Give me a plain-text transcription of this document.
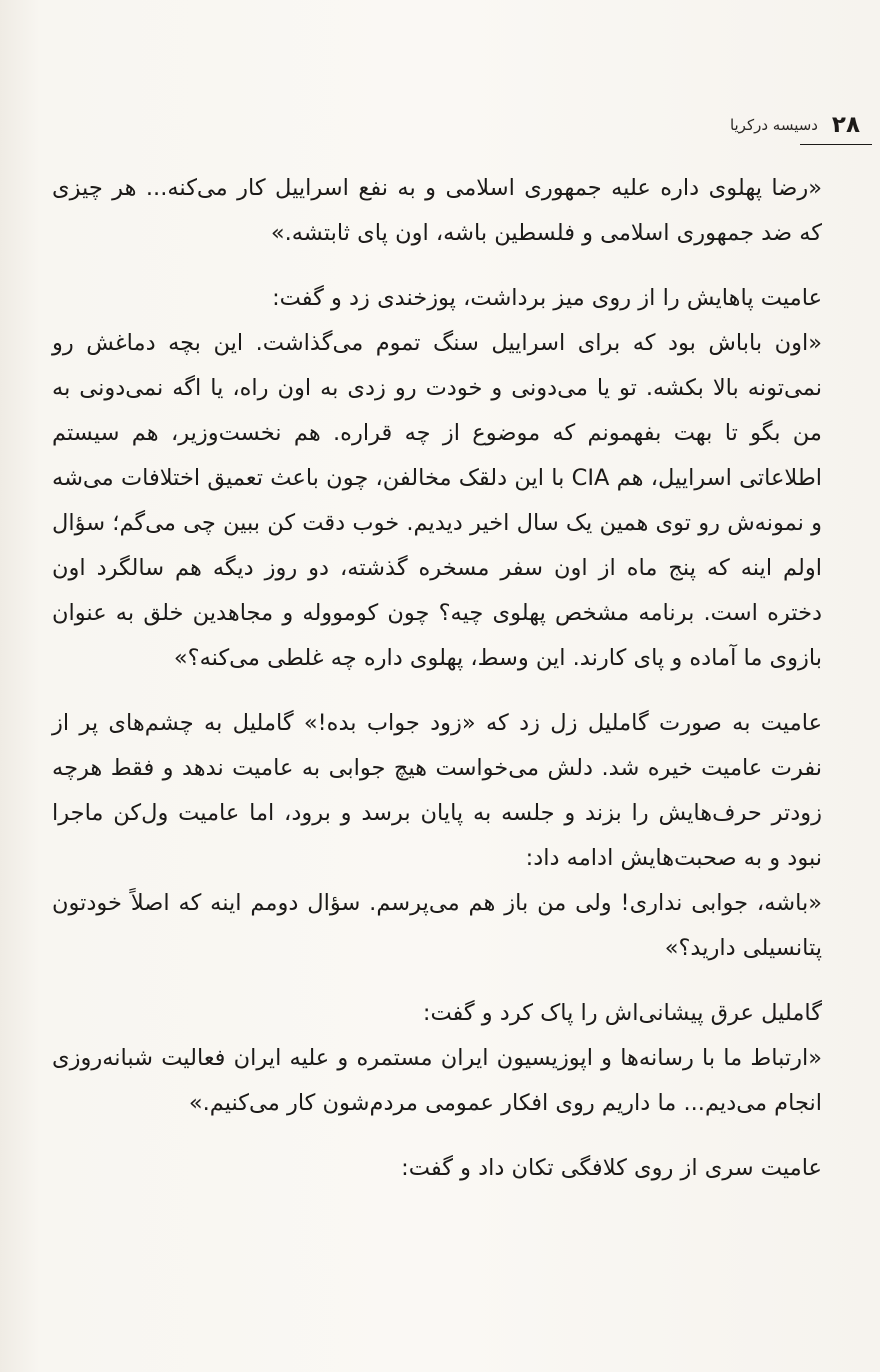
۲۸
دسیسه درکریا

«رضا پهلوی داره علیه جمهوری اسلامی و به نفع اسراییل کار می‌کنه... هر چیزی که ضد جمهوری اسلامی و فلسطین باشه، اون پای ثابتشه.»

عامیت پاهایش را از روی میز برداشت، پوزخندی زد و گفت:

«اون باباش بود که برای اسراییل سنگ تموم می‌گذاشت. این بچه دماغش رو نمی‌تونه بالا بکشه. تو یا می‌دونی و خودت رو زدی به اون راه، یا اگه نمی‌دونی به من بگو تا بهت بفهمونم که موضوع از چه قراره. هم نخست‌وزیر، هم سیستم اطلاعاتی اسراییل، هم CIA با این دلقک مخالفن، چون باعث تعمیق اختلافات می‌شه و نمونه‌ش رو توی همین یک سال اخیر دیدیم. خوب دقت کن ببین چی می‌گم؛ سؤال اولم اینه که پنج ماه از اون سفر مسخره گذشته، دو روز دیگه هم سالگرد اون دختره است. برنامه مشخص پهلوی چیه؟ چون کومووله و مجاهدین خلق به عنوان بازوی ما آماده و پای کارند. این وسط، پهلوی داره چه غلطی می‌کنه؟»

عامیت به صورت گاملیل زل زد که «زود جواب بده!» گاملیل به چشم‌های پر از نفرت عامیت خیره شد. دلش می‌خواست هیچ جوابی به عامیت ندهد و فقط هرچه زودتر حرف‌هایش را بزند و جلسه به پایان برسد و برود، اما عامیت ول‌کن ماجرا نبود و به صحبت‌هایش ادامه داد:

«باشه، جوابی نداری! ولی من باز هم می‌پرسم. سؤال دومم اینه که اصلاً خودتون پتانسیلی دارید؟»

گاملیل عرق پیشانی‌اش را پاک کرد و گفت:

«ارتباط ما با رسانه‌ها و اپوزیسیون ایران مستمره و علیه ایران فعالیت شبانه‌روزی انجام می‌دیم... ما داریم روی افکار عمومی مردم‌شون کار می‌کنیم.»

عامیت سری از روی کلافگی تکان داد و گفت:
